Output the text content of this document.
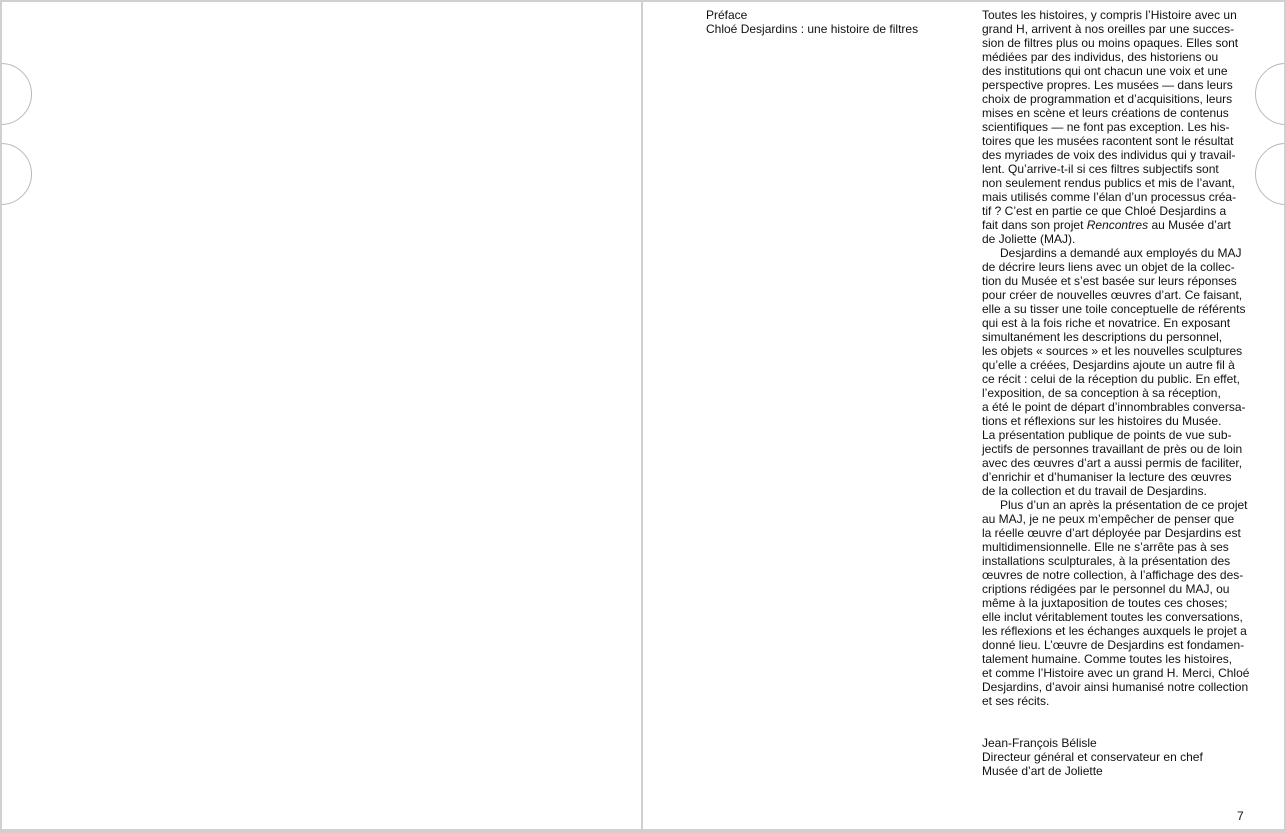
Préface
Chloé Desjardins : une histoire de filtres
Toutes les histoires, y compris l’Histoire avec un
grand H, arrivent à nos oreilles par une succes-
sion de filtres plus ou moins opaques. Elles sont
médiées par des individus, des historiens ou
des institutions qui ont chacun une voix et une
perspective propres. Les musées — dans leurs
choix de programmation et d’acquisitions, leurs
mises en scène et leurs créations de contenus
scientifiques — ne font pas exception. Les his-
toires que les musées racontent sont le résultat
des myriades de voix des individus qui y travail-
lent. Qu’arrive-t-il si ces filtres subjectifs sont
non seulement rendus publics et mis de l’avant,
mais utilisés comme l’élan d’un processus créa-
tif ? C’est en partie ce que Chloé Desjardins a
fait dans son projet Rencontres au Musée d’art
de Joliette (MAJ).
Desjardins a demandé aux employés du MAJ
de décrire leurs liens avec un objet de la collec-
tion du Musée et s’est basée sur leurs réponses
pour créer de nouvelles œuvres d’art. Ce faisant,
elle a su tisser une toile conceptuelle de référents
qui est à la fois riche et novatrice. En exposant
simultanément les descriptions du personnel,
les objets « sources » et les nouvelles sculptures
qu’elle a créées, Desjardins ajoute un autre fil à
ce récit : celui de la réception du public. En effet,
l’exposition, de sa conception à sa réception,
a été le point de départ d’innombrables conversa-
tions et réflexions sur les histoires du Musée.
La présentation publique de points de vue sub-
jectifs de personnes travaillant de près ou de loin
avec des œuvres d’art a aussi permis de faciliter,
d’enrichir et d’humaniser la lecture des œuvres
de la collection et du travail de Desjardins.
Plus d’un an après la présentation de ce projet
au MAJ, je ne peux m’empêcher de penser que
la réelle œuvre d’art déployée par Desjardins est
multidimensionnelle. Elle ne s’arrête pas à ses
installations sculpturales, à la présentation des
œuvres de notre collection, à l’affichage des des-
criptions rédigées par le personnel du MAJ, ou
même à la juxtaposition de toutes ces choses;
elle inclut véritablement toutes les conversations,
les réflexions et les échanges auxquels le projet a
donné lieu. L’œuvre de Desjardins est fondamen-
talement humaine. Comme toutes les histoires,
et comme l’Histoire avec un grand H. Merci, Chloé
Desjardins, d’avoir ainsi humanisé notre collection
et ses récits.
Jean-François Bélisle
Directeur général et conservateur en chef
Musée d’art de Joliette
7
